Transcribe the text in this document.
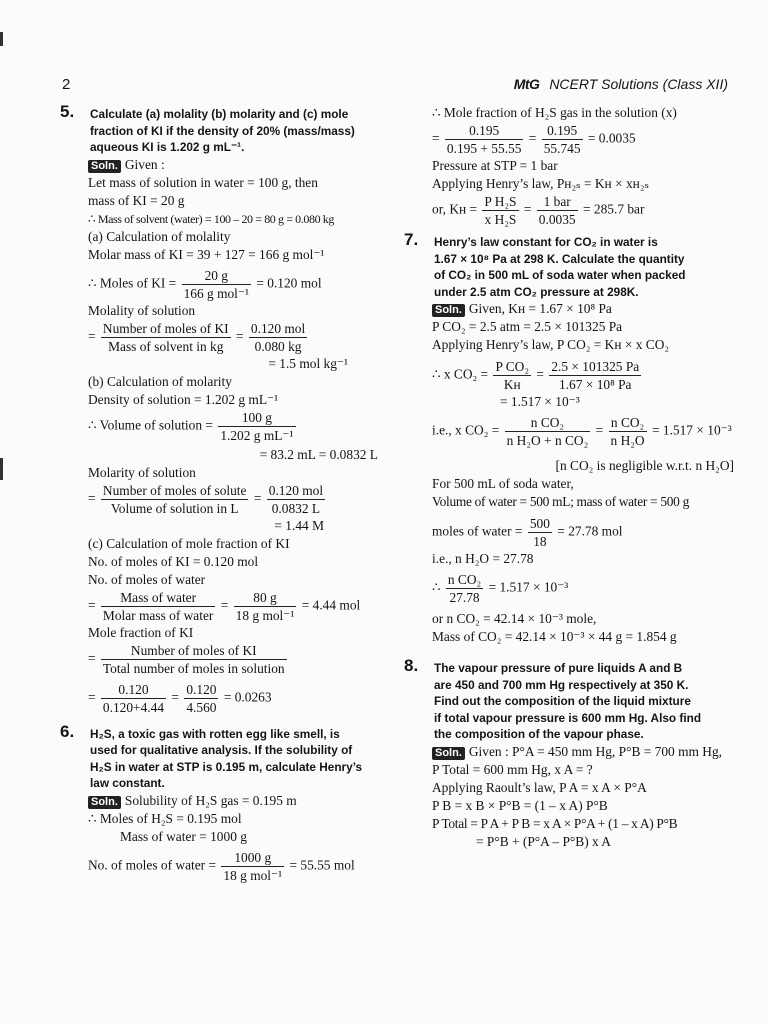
2	MtG NCERT Solutions (Class XII)
5. Calculate (a) molality (b) molarity and (c) mole
fraction of KI if the density of 20% (mass/mass)
aqueous KI is 1.202 g mL⁻¹.
Soln. Given :
Let mass of solution in water = 100 g, then
mass of KI = 20 g
∴ Mass of solvent (water) = 100 – 20 = 80 g = 0.080 kg
(a) Calculation of molality
Molar mass of KI = 39 + 127 = 166 g mol⁻¹
∴ Moles of KI = $\frac{20 g}{\text{166 g mol⁻¹}} = 0.120$ mol
Molality of solution
= $\frac{\text{Number of moles of KI}}{\text{Mass of solvent in kg}} = \frac{\text{0.120 mol}}{0.080 kg}$
= 1.5 mol kg⁻¹
(b) Calculation of molarity
Density of solution = 1.202 g mL⁻¹
∴ Volume of solution = $\frac{100 g}{\text{1.202 g mL⁻¹}}$
= 83.2 mL = 0.0832 L
Molarity of solution
= $\frac{\text{Number of moles of solute}}{\text{Volume of solution in L}} = \frac{\text{0.120 mol}}{0.0832 L}$
= 1.44 M
(c) Calculation of mole fraction of KI
No. of moles of KI = 0.120 mol
No. of moles of water
= $\frac{\text{Mass of water}}{\text{Molar mass of water}} = \frac{80 g}{\text{18 g mol⁻¹}} = 4.44$ mol
Mole fraction of KI
= $\frac{\text{Number of moles of KI}}{\text{Total number of moles in solution}}$
= $\frac{0.120}{0.120+4.44} = \frac{0.120}{4.560} = 0.0263$
6. H₂S, a toxic gas with rotten egg like smell, is
used for qualitative analysis. If the solubility of
H₂S in water at STP is 0.195 m, calculate Henry’s
law constant.
Soln. Solubility of H₂S gas = 0.195 m
∴ Moles of H₂S = 0.195 mol
Mass of water = 1000 g
No. of moles of water = $\frac{1000 g}{\text{18 g mol⁻¹}} = 55.55$ mol
∴ Mole fraction of H₂S gas in the solution (x)
= $\frac{0.195}{0.195 + 55.55} = \frac{0.195}{55.745} = 0.0035$
Pressure at STP = 1 bar
Applying Henry’s law, Pʜ₂ₛ = Kʜ × xʜ₂ₛ
or, Kʜ = $\frac{\text{P H₂S}}{\text{x H₂S}} = \frac{\text{1 bar}}{0.0035} = 285.7$ bar
7. Henry’s law constant for CO₂ in water is
1.67 × 10⁸ Pa at 298 K. Calculate the quantity
of CO₂ in 500 mL of soda water when packed
under 2.5 atm CO₂ pressure at 298K.
Soln. Given, Kʜ = 1.67 × 10⁸ Pa
P CO₂ = 2.5 atm = 2.5 × 101325 Pa
Applying Henry’s law, P CO₂ = Kʜ × x CO₂
∴ x $CO_2 = \frac{\text{P CO₂}}{\text{Kʜ}} = \frac{2.5 \times 101325 Pa}{\text{1.67 × 10⁸ Pa}}$
= 1.517 × 10⁻³
i.e., x $CO_2 = \frac{\text{n CO₂}}{\text{n H₂O + n CO₂}} = \frac{\text{n CO₂}}{\text{n H₂O}} = 1.517 \times 10^{-3}$
[n CO₂ is negligible w.r.t. n H₂O]
For 500 mL of soda water,
Volume of water = 500 mL; mass of water = 500 g
moles of water = $\frac{500}{18} = 27.78$ mol
i.e., n H₂O = 27.78
∴ $\frac{\text{n CO₂}}{27.78} = 1.517 \times 10^{-3}$
or n CO₂ = 42.14 × 10⁻³ mole,
Mass of CO₂ = 42.14 × 10⁻³ × 44 g = 1.854 g
8. The vapour pressure of pure liquids A and B
are 450 and 700 mm Hg respectively at 350 K.
Find out the composition of the liquid mixture
if total vapour pressure is 600 mm Hg. Also find
the composition of the vapour phase.
Soln. Given : P°A = 450 mm Hg, P°B = 700 mm Hg,
P Total = 600 mm Hg, x A = ?
Applying Raoult’s law, P A = x A × P°A
P B = x B × P°B = (1 – x A) P°B
P Total = P A + P B = x A × P°A + (1 – x A) P°B
= P°B + (P°A – P°B) x A
